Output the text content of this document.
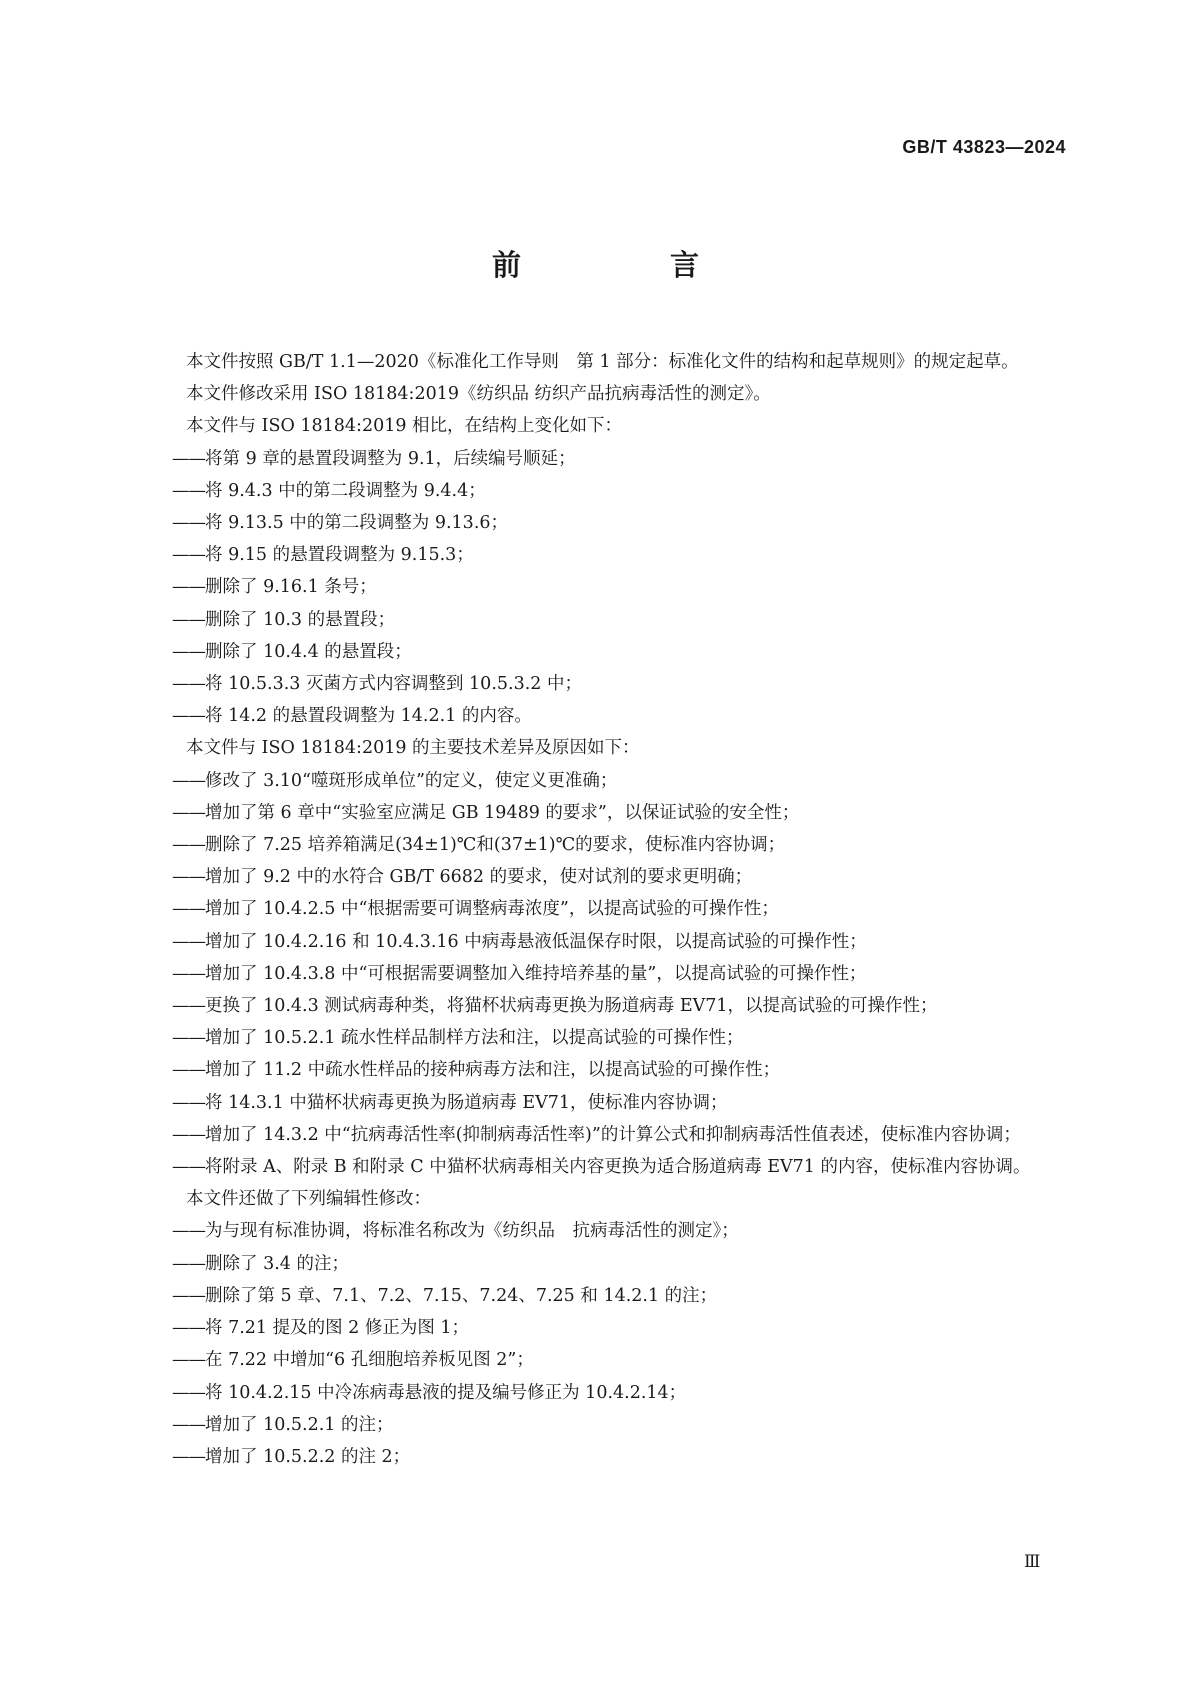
GB/T 43823—2024
前　言

本文件按照 GB/T 1.1—2020《标准化工作导则　第 1 部分：标准化文件的结构和起草规则》的规定起草。

本文件修改采用 ISO 18184:2019《纺织品 纺织产品抗病毒活性的测定》。

本文件与 ISO 18184:2019 相比，在结构上变化如下：

——将第 9 章的悬置段调整为 9.1，后续编号顺延；

——将 9.4.3 中的第二段调整为 9.4.4；

——将 9.13.5 中的第二段调整为 9.13.6；

——将 9.15 的悬置段调整为 9.15.3；

——删除了 9.16.1 条号；

——删除了 10.3 的悬置段；

——删除了 10.4.4 的悬置段；

——将 10.5.3.3 灭菌方式内容调整到 10.5.3.2 中；

——将 14.2 的悬置段调整为 14.2.1 的内容。

本文件与 ISO 18184:2019 的主要技术差异及原因如下：

——修改了 3.10“噬斑形成单位”的定义，使定义更准确；

——增加了第 6 章中“实验室应满足 GB 19489 的要求”，以保证试验的安全性；

——删除了 7.25 培养箱满足(34±1)℃和(37±1)℃的要求，使标准内容协调；

——增加了 9.2 中的水符合 GB/T 6682 的要求，使对试剂的要求更明确；

——增加了 10.4.2.5 中“根据需要可调整病毒浓度”，以提高试验的可操作性；

——增加了 10.4.2.16 和 10.4.3.16 中病毒悬液低温保存时限，以提高试验的可操作性；

——增加了 10.4.3.8 中“可根据需要调整加入维持培养基的量”，以提高试验的可操作性；

——更换了 10.4.3 测试病毒种类，将猫杯状病毒更换为肠道病毒 EV71，以提高试验的可操作性；

——增加了 10.5.2.1 疏水性样品制样方法和注，以提高试验的可操作性；

——增加了 11.2 中疏水性样品的接种病毒方法和注，以提高试验的可操作性；

——将 14.3.1 中猫杯状病毒更换为肠道病毒 EV71，使标准内容协调；

——增加了 14.3.2 中“抗病毒活性率(抑制病毒活性率)”的计算公式和抑制病毒活性值表述，使标准内容协调；

——将附录 A、附录 B 和附录 C 中猫杯状病毒相关内容更换为适合肠道病毒 EV71 的内容，使标准内容协调。

本文件还做了下列编辑性修改：

——为与现有标准协调，将标准名称改为《纺织品　抗病毒活性的测定》；

——删除了 3.4 的注；

——删除了第 5 章、7.1、7.2、7.15、7.24、7.25 和 14.2.1 的注；

——将 7.21 提及的图 2 修正为图 1；

——在 7.22 中增加“6 孔细胞培养板见图 2”；

——将 10.4.2.15 中冷冻病毒悬液的提及编号修正为 10.4.2.14；

——增加了 10.5.2.1 的注；

——增加了 10.5.2.2 的注 2；

Ⅲ
